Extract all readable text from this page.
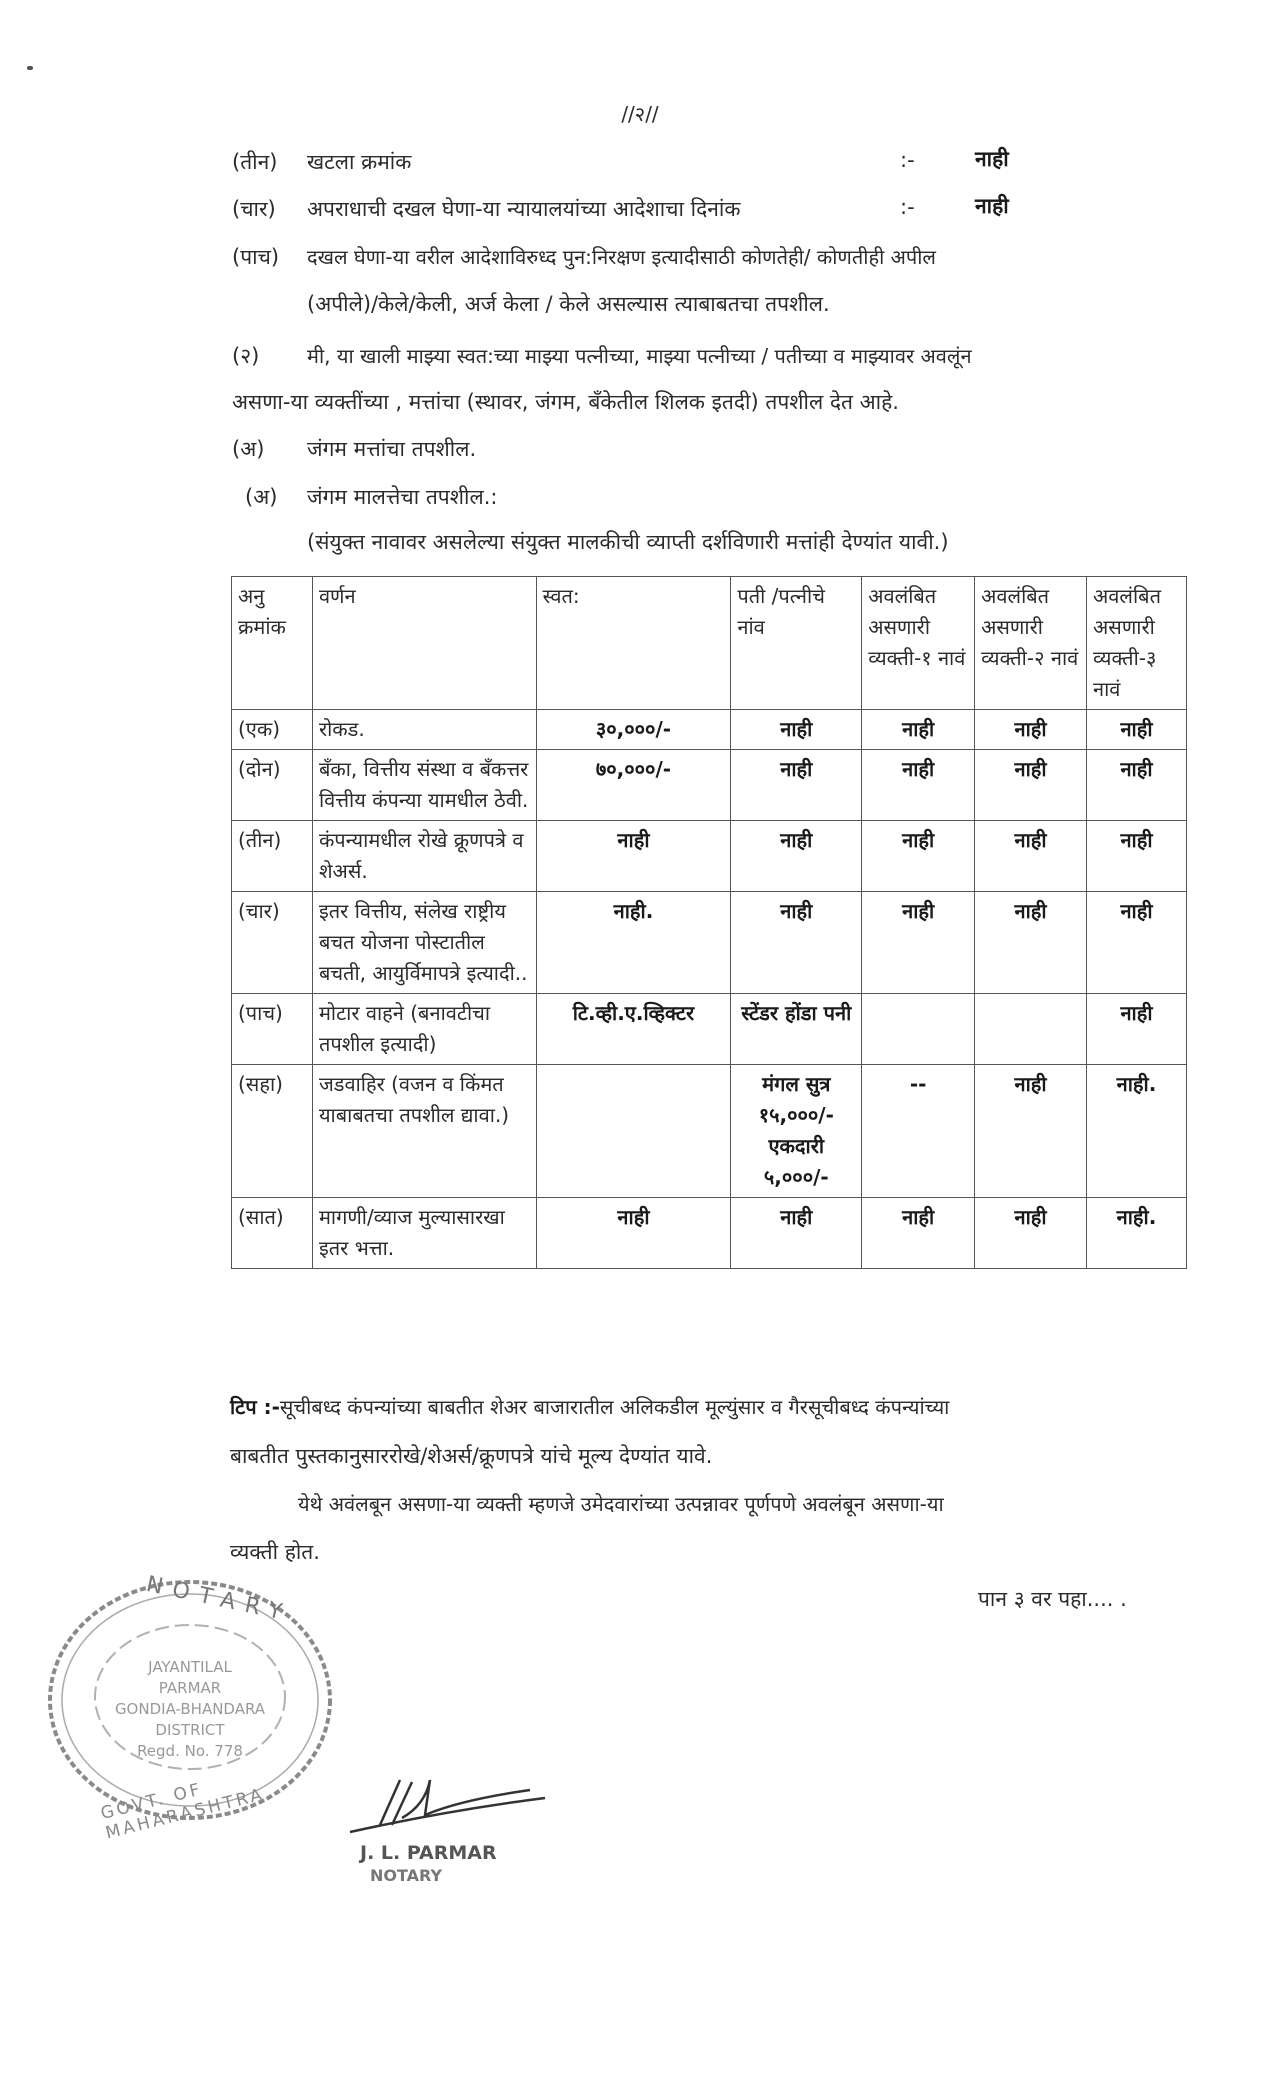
//२//
(तीन) खटला क्रमांक	:-	नाही
(चार) अपराधाची दखल घेणा-या न्यायालयांच्या आदेशाचा दिनांक	:-	नाही
(पाच) दखल घेणा-या वरील आदेशाविरुध्द पुन:निरक्षण इत्यादीसाठी कोणतेही/ कोणतीही अपील
(अपीले)/केले/केली, अर्ज केला / केले असल्यास त्याबाबतचा तपशील.
(२) मी, या खाली माझ्या स्वत:च्या माझ्या पत्नीच्या, माझ्या पत्नीच्या / पतीच्या व माझ्यावर अवलूंन
असणा-या व्यक्तींच्या , मत्तांचा (स्थावर, जंगम, बँकेतील शिलक इतदी) तपशील देत आहे.
(अ) जंगम मत्तांचा तपशील.
(अ) जंगम मालत्तेचा तपशील.:
(संयुक्त नावावर असलेल्या संयुक्त मालकीची व्याप्ती दर्शविणारी मत्तांही देण्यांत यावी.)
अनु क्रमांक	वर्णन	स्वत:	पती /पत्नीचे नांव	अवलंबित असणारी व्यक्ती-१ नावं	अवलंबित असणारी व्यक्ती-२ नावं	अवलंबित असणारी व्यक्ती-३ नावं
(एक)	रोकड.	३०,०००/-	नाही	नाही	नाही	नाही
(दोन)	बँका, वित्तीय संस्था व बँकत्तर वित्तीय कंपन्या यामधील ठेवी.	७०,०००/-	नाही	नाही	नाही	नाही
(तीन)	कंपन्यामधील रोखे क्रूणपत्रे व शेअर्स.	नाही	नाही	नाही	नाही	नाही
(चार)	इतर वित्तीय, संलेख राष्ट्रीय बचत योजना पोस्टातील बचती, आयुर्विमापत्रे इत्यादी..	नाही.	नाही	नाही	नाही	नाही
(पाच)	मोटार वाहने (बनावटीचा तपशील इत्यादी)	टि.व्ही.ए.व्हिक्टर	स्टेंडर होंडा पनी			नाही
(सहा)	जडवाहिर (वजन व किंमत याबाबतचा तपशील द्यावा.)		मंगल सुत्र १५,०००/- एकदारी ५,०००/-	--	नाही	नाही.
(सात)	मागणी/व्याज मुल्यासारखा इतर भत्ता.	नाही	नाही	नाही	नाही	नाही.
टिप :-सूचीबध्द कंपन्यांच्या बाबतीत शेअर बाजारातील अलिकडील मूल्युंसार व गैरसूचीबध्द कंपन्यांच्या
बाबतीत पुस्तकानुसाररोखे/शेअर्स/क्रूणपत्रे यांचे मूल्य देण्यांत यावे.
येथे अवंलबून असणा-या व्यक्ती म्हणजे उमेदवारांच्या उत्पन्नावर पूर्णपणे अवलंबून असणा-या
व्यक्ती होत.
पान ३ वर पहा.... .
NOTARY
GOVT. OF MAHARASHTRA
JAYANTILAL
PARMAR
GONDIA-BHANDARA
DISTRICT
Regd. No. 778
J. L. PARMAR
NOTARY
